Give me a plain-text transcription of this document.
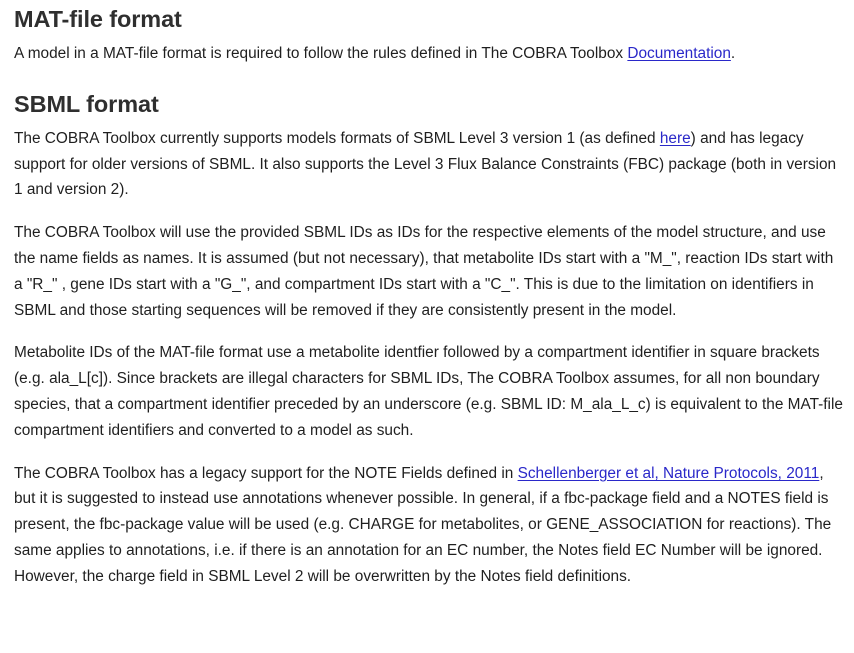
MAT-file format

A model in a MAT-file format is required to follow the rules defined in The COBRA Toolbox Documentation.

SBML format

The COBRA Toolbox currently supports models formats of SBML Level 3 version 1 (as defined here) and has legacy support for older versions of SBML. It also supports the Level 3 Flux Balance Constraints (FBC) package (both in version 1 and version 2).

The COBRA Toolbox will use the provided SBML IDs as IDs for the respective elements of the model structure, and use the name fields as names. It is assumed (but not necessary), that metabolite IDs start with a "M_", reaction IDs start with a "R_" , gene IDs start with a "G_", and compartment IDs start with a "C_". This is due to the limitation on identifiers in SBML and those starting sequences will be removed if they are consistently present in the model.

Metabolite IDs of the MAT-file format use a metabolite identfier followed by a compartment identifier in square brackets (e.g. ala_L[c]). Since brackets are illegal characters for SBML IDs, The COBRA Toolbox assumes, for all non boundary species, that a compartment identifier preceded by an underscore (e.g. SBML ID: M_ala_L_c) is equivalent to the MAT-file compartment identifiers and converted to a model as such.

The COBRA Toolbox has a legacy support for the NOTE Fields defined in Schellenberger et al, Nature Protocols, 2011, but it is suggested to instead use annotations whenever possible. In general, if a fbc-package field and a NOTES field is present, the fbc-package value will be used (e.g. CHARGE for metabolites, or GENE_ASSOCIATION for reactions). The same applies to annotations, i.e. if there is an annotation for an EC number, the Notes field EC Number will be ignored. However, the charge field in SBML Level 2 will be overwritten by the Notes field definitions.
